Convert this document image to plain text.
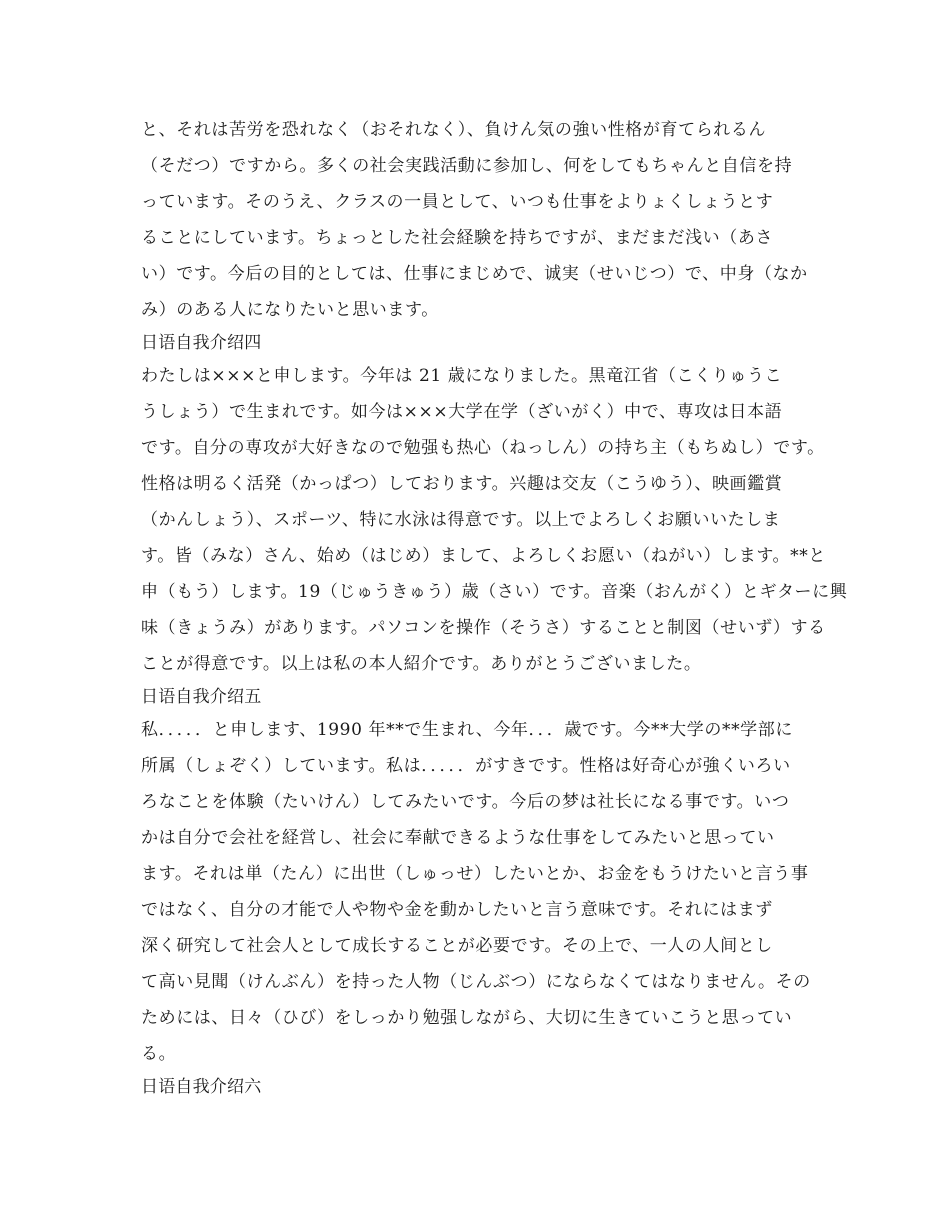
と、それは苦労を恐れなく（おそれなく）、負けん気の強い性格が育てられるん
（そだつ）ですから。多くの社会実践活動に参加し、何をしてもちゃんと自信を持
っています。そのうえ、クラスの一員として、いつも仕事をよりょくしょうとす
ることにしています。ちょっとした社会経験を持ちですが、まだまだ浅い（あさ
い）です。今后の目的としては、仕事にまじめで、诚実（せいじつ）で、中身（なか
み）のある人になりたいと思います。
日语自我介绍四
わたしは×××と申します。今年は 21 歳になりました。黒竜江省（こくりゅうこ
うしょう）で生まれです。如今は×××大学在学（ざいがく）中で、専攻は日本語
です。自分の専攻が大好きなので勉强も热心（ねっしん）の持ち主（もちぬし）です。
性格は明るく活発（かっぱつ）しております。兴趣は交友（こうゆう）、映画鑑賞
（かんしょう）、スポーツ、特に水泳は得意です。以上でよろしくお願いいたしま
す。皆（みな）さん、始め（はじめ）まして、よろしくお愿い（ねがい）します。**と
申（もう）します。19（じゅうきゅう）歳（さい）です。音楽（おんがく）とギターに興
味（きょうみ）があります。パソコンを操作（そうさ）することと制図（せいず）する
ことが得意です。以上は私の本人紹介です。ありがとうございました。
日语自我介绍五
私．．．．．と申します、1990 年**で生まれ、今年．．．歳です。今**大学の**学部に
所属（しょぞく）しています。私は．．．．．がすきです。性格は好奇心が強くいろい
ろなことを体験（たいけん）してみたいです。今后の梦は社长になる事です。いつ
かは自分で会社を経営し、社会に奉献できるような仕事をしてみたいと思ってい
ます。それは単（たん）に出世（しゅっせ）したいとか、お金をもうけたいと言う事
ではなく、自分の才能で人や物や金を動かしたいと言う意味です。それにはまず
深く研究して社会人として成长することが必要です。その上で、一人の人间とし
て高い見聞（けんぶん）を持った人物（じんぶつ）にならなくてはなりません。その
ためには、日々（ひび）をしっかり勉强しながら、大切に生きていこうと思ってい
る。
日语自我介绍六
